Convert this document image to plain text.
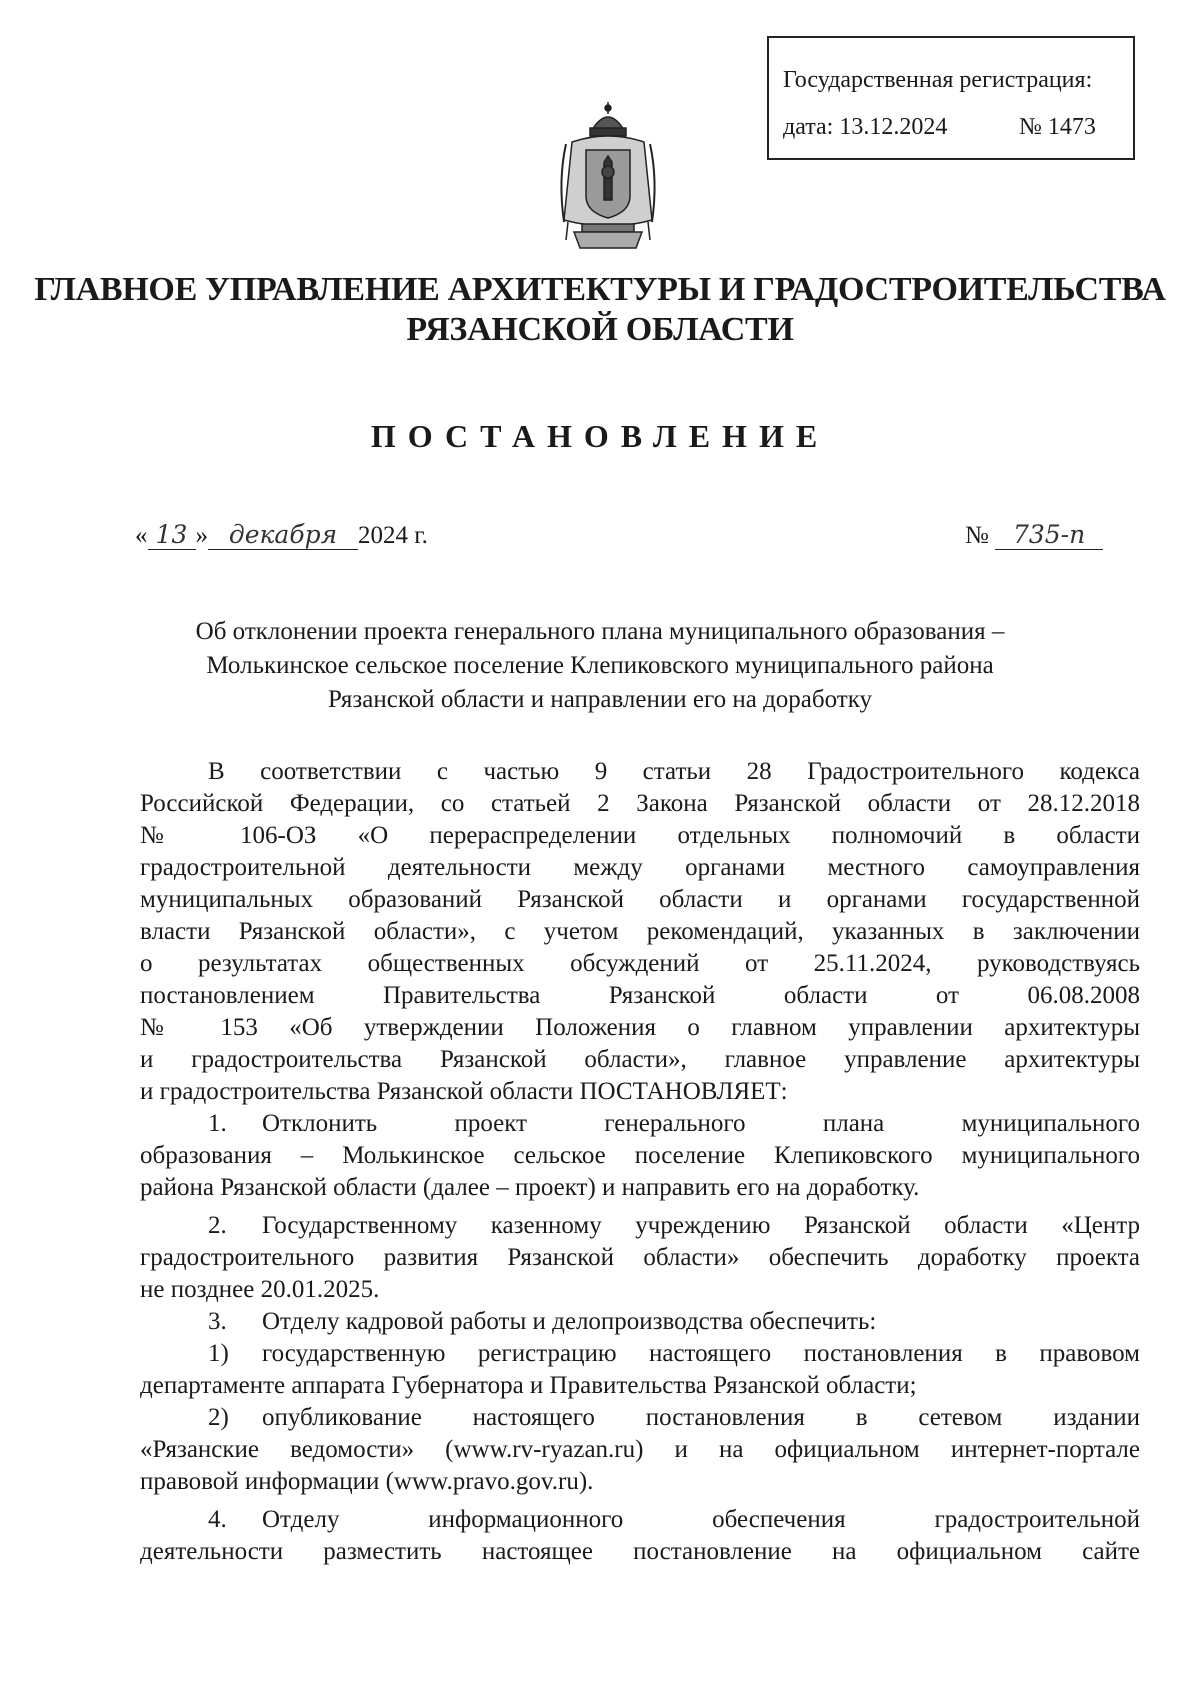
Государственная регистрация:
дата: 13.12.2024	№ 1473
ГЛАВНОЕ УПРАВЛЕНИЕ АРХИТЕКТУРЫ И ГРАДОСТРОИТЕЛЬСТВА
РЯЗАНСКОЙ ОБЛАСТИ
ПОСТАНОВЛЕНИЕ
« 13 » декабря 2024 г.	№ 735-п
Об отклонении проекта генерального плана муниципального образования –
Молькинское сельское поселение Клепиковского муниципального района
Рязанской области и направлении его на доработку
В соответствии с частью 9 статьи 28 Градостроительного кодекса
Российской Федерации, со статьей 2 Закона Рязанской области от 28.12.2018
№ 106-ОЗ «О перераспределении отдельных полномочий в области
градостроительной деятельности между органами местного самоуправления
муниципальных образований Рязанской области и органами государственной
власти Рязанской области», с учетом рекомендаций, указанных в заключении
о результатах общественных обсуждений от 25.11.2024, руководствуясь
постановлением Правительства Рязанской области от 06.08.2008
№ 153 «Об утверждении Положения о главном управлении архитектуры
и градостроительства Рязанской области», главное управление архитектуры
и градостроительства Рязанской области ПОСТАНОВЛЯЕТ:
1. Отклонить проект генерального плана муниципального
образования – Молькинское сельское поселение Клепиковского муниципального
района Рязанской области (далее – проект) и направить его на доработку.
2. Государственному казенному учреждению Рязанской области «Центр
градостроительного развития Рязанской области» обеспечить доработку проекта
не позднее 20.01.2025.
3. Отделу кадровой работы и делопроизводства обеспечить:
1) государственную регистрацию настоящего постановления в правовом
департаменте аппарата Губернатора и Правительства Рязанской области;
2) опубликование настоящего постановления в сетевом издании
«Рязанские ведомости» (www.rv-ryazan.ru) и на официальном интернет-портале
правовой информации (www.pravo.gov.ru).
4. Отделу информационного обеспечения градостроительной
деятельности разместить настоящее постановление на официальном сайте
